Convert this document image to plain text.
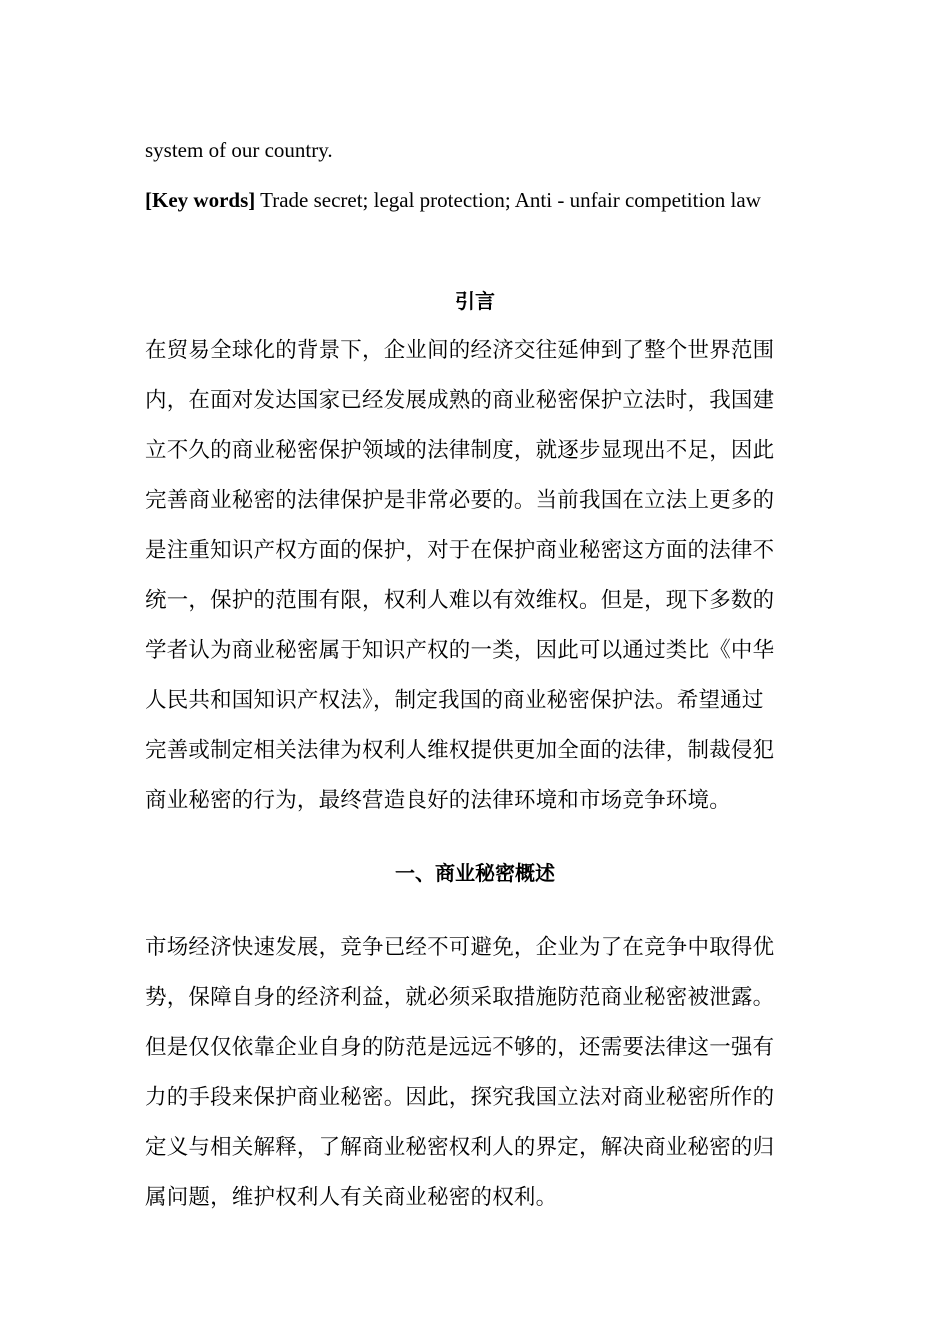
system of our country.
[Key words] Trade secret; legal protection; Anti - unfair competition law
引言
在贸易全球化的背景下，企业间的经济交往延伸到了整个世界范围
内，在面对发达国家已经发展成熟的商业秘密保护立法时，我国建
立不久的商业秘密保护领域的法律制度，就逐步显现出不足，因此
完善商业秘密的法律保护是非常必要的。当前我国在立法上更多的
是注重知识产权方面的保护，对于在保护商业秘密这方面的法律不
统一，保护的范围有限，权利人难以有效维权。但是，现下多数的
学者认为商业秘密属于知识产权的一类，因此可以通过类比《中华
人民共和国知识产权法》，制定我国的商业秘密保护法。希望通过
完善或制定相关法律为权利人维权提供更加全面的法律，制裁侵犯
商业秘密的行为，最终营造良好的法律环境和市场竞争环境。
一、商业秘密概述
市场经济快速发展，竞争已经不可避免，企业为了在竞争中取得优
势，保障自身的经济利益，就必须采取措施防范商业秘密被泄露。
但是仅仅依靠企业自身的防范是远远不够的，还需要法律这一强有
力的手段来保护商业秘密。因此，探究我国立法对商业秘密所作的
定义与相关解释，了解商业秘密权利人的界定，解决商业秘密的归
属问题，维护权利人有关商业秘密的权利。
